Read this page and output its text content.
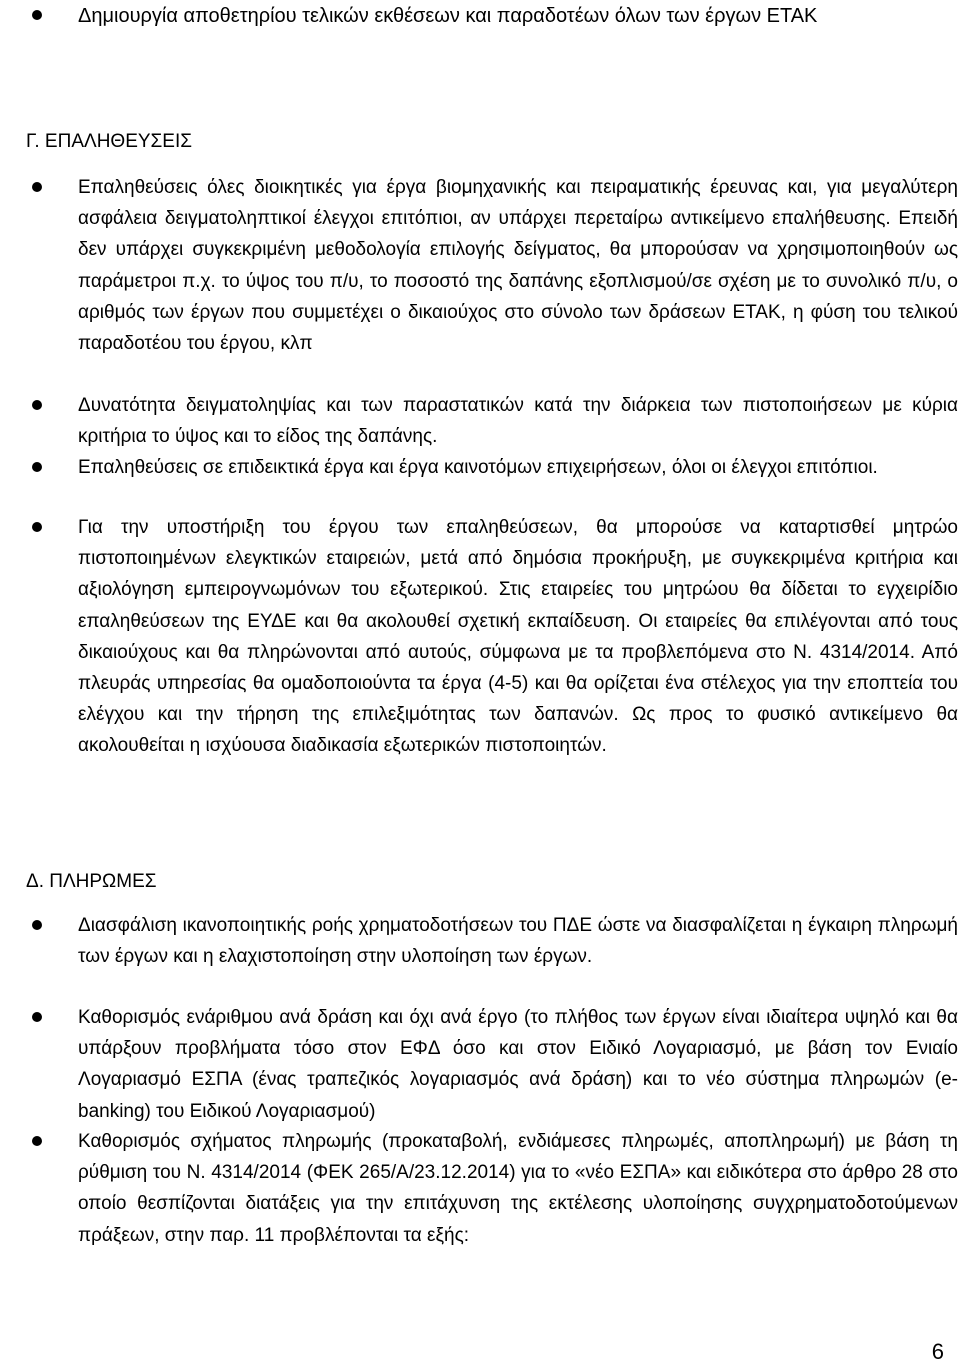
Δημιουργία αποθετηρίου τελικών εκθέσεων και παραδοτέων όλων των έργων ΕΤΑΚ
Γ. ΕΠΑΛΗΘΕΥΣΕΙΣ
Επαληθεύσεις όλες διοικητικές για έργα βιομηχανικής και πειραματικής έρευνας και, για μεγαλύτερη ασφάλεια δειγματοληπτικοί έλεγχοι επιτόπιοι, αν υπάρχει περεταίρω αντικείμενο επαλήθευσης. Επειδή δεν υπάρχει συγκεκριμένη μεθοδολογία επιλογής δείγματος, θα μπορούσαν να χρησιμοποιηθούν ως παράμετροι π.χ. το ύψος του π/υ, το ποσοστό της δαπάνης εξοπλισμού/σε σχέση με το συνολικό π/υ, ο αριθμός των έργων που συμμετέχει ο δικαιούχος στο σύνολο των δράσεων ΕΤΑΚ, η φύση του τελικού παραδοτέου του έργου, κλπ
Δυνατότητα δειγματοληψίας και των παραστατικών κατά την διάρκεια των πιστοποιήσεων με κύρια κριτήρια το ύψος και το είδος της δαπάνης.
Επαληθεύσεις σε επιδεικτικά έργα και έργα καινοτόμων επιχειρήσεων, όλοι οι έλεγχοι επιτόπιοι.
Για την υποστήριξη του έργου των επαληθεύσεων, θα μπορούσε να καταρτισθεί μητρώο πιστοποιημένων ελεγκτικών εταιρειών, μετά από δημόσια προκήρυξη, με συγκεκριμένα κριτήρια και αξιολόγηση εμπειρογνωμόνων του εξωτερικού. Στις εταιρείες του μητρώου θα δίδεται το εγχειρίδιο επαληθεύσεων της ΕΥΔΕ και θα ακολουθεί σχετική εκπαίδευση. Οι εταιρείες θα επιλέγονται από τους δικαιούχους και θα πληρώνονται από αυτούς, σύμφωνα με τα προβλεπόμενα στο Ν. 4314/2014. Από πλευράς υπηρεσίας θα ομαδοποιούντα τα έργα (4-5) και θα ορίζεται ένα στέλεχος για την εποπτεία του ελέγχου και την τήρηση της επιλεξιμότητας των δαπανών. Ως προς το φυσικό αντικείμενο θα ακολουθείται η ισχύουσα διαδικασία εξωτερικών πιστοποιητών.
Δ. ΠΛΗΡΩΜΕΣ
Διασφάλιση ικανοποιητικής ροής χρηματοδοτήσεων του ΠΔΕ ώστε να διασφαλίζεται η έγκαιρη πληρωμή των έργων και η ελαχιστοποίηση στην υλοποίηση των έργων.
Καθορισμός ενάριθμου ανά δράση και όχι ανά έργο (το πλήθος των έργων είναι ιδιαίτερα υψηλό και θα υπάρξουν προβλήματα τόσο στον ΕΦΔ όσο και στον Ειδικό Λογαριασμό, με βάση τον Ενιαίο Λογαριασμό ΕΣΠΑ (ένας τραπεζικός λογαριασμός ανά δράση) και το νέο σύστημα πληρωμών (e-banking) του Ειδικού Λογαριασμού)
Καθορισμός σχήματος πληρωμής (προκαταβολή, ενδιάμεσες πληρωμές, αποπληρωμή) με βάση τη ρύθμιση του Ν. 4314/2014 (ΦΕΚ 265/Α/23.12.2014) για το «νέο ΕΣΠΑ» και ειδικότερα στο άρθρο 28 στο οποίο θεσπίζονται διατάξεις για την επιτάχυνση της εκτέλεσης υλοποίησης συγχρηματοδοτούμενων πράξεων, στην παρ. 11 προβλέπονται τα εξής:
6
